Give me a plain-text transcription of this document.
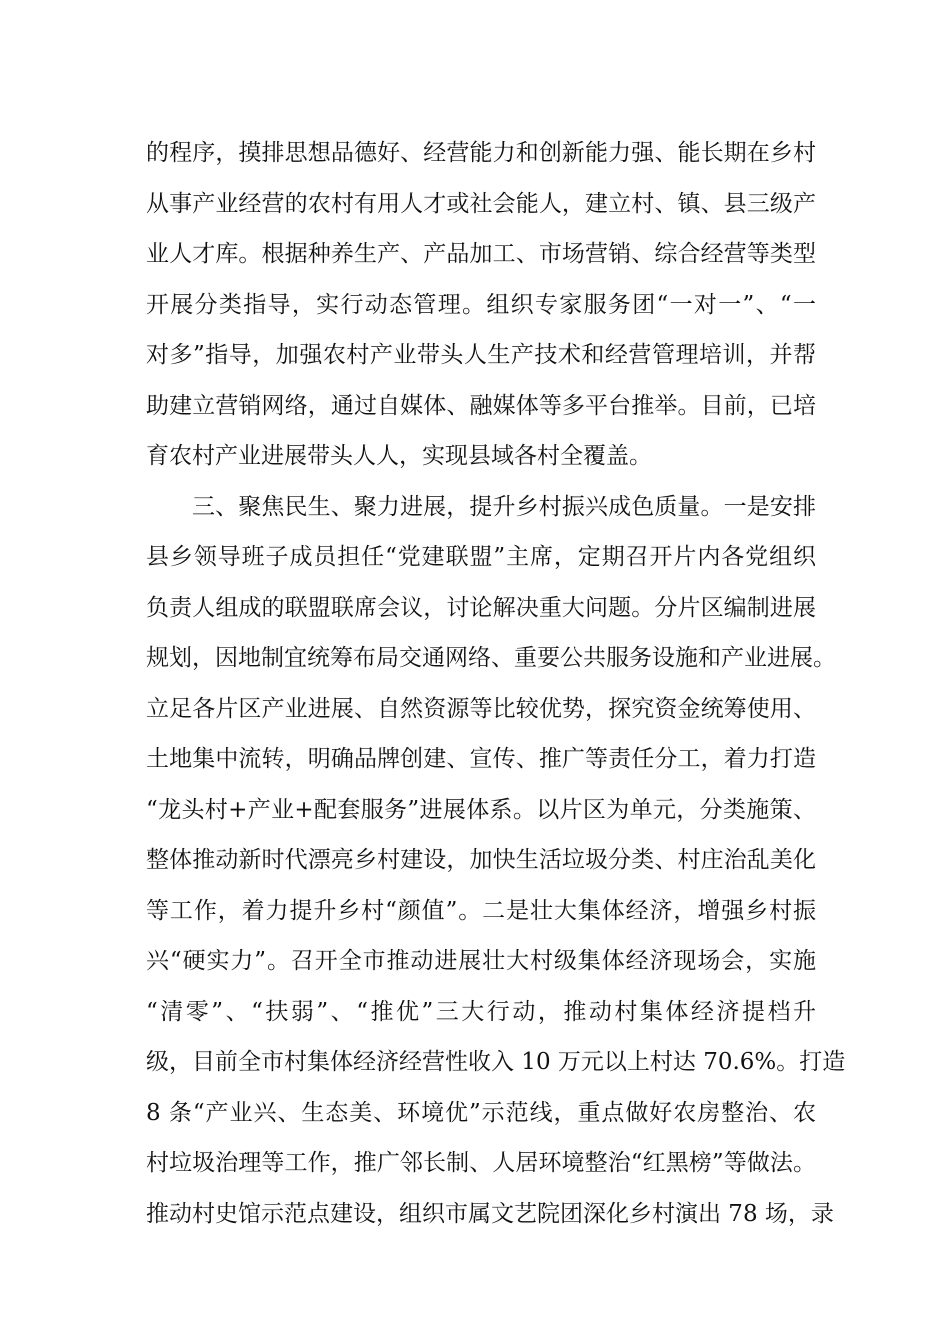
的程序，摸排思想品德好、经营能力和创新能力强、能长期在乡村
从事产业经营的农村有用人才或社会能人，建立村、镇、县三级产
业人才库。根据种养生产、产品加工、市场营销、综合经营等类型
开展分类指导，实行动态管理。组织专家服务团“一对一”、“一
对多”指导，加强农村产业带头人生产技术和经营管理培训，并帮
助建立营销网络，通过自媒体、融媒体等多平台推举。目前，已培
育农村产业进展带头人人，实现县域各村全覆盖。
三、聚焦民生、聚力进展，提升乡村振兴成色质量。一是安排
县乡领导班子成员担任“党建联盟”主席，定期召开片内各党组织
负责人组成的联盟联席会议，讨论解决重大问题。分片区编制进展
规划，因地制宜统筹布局交通网络、重要公共服务设施和产业进展。
立足各片区产业进展、自然资源等比较优势，探究资金统筹使用、
土地集中流转，明确品牌创建、宣传、推广等责任分工，着力打造
“龙头村+产业+配套服务”进展体系。以片区为单元，分类施策、
整体推动新时代漂亮乡村建设，加快生活垃圾分类、村庄治乱美化
等工作，着力提升乡村“颜值”。二是壮大集体经济，增强乡村振
兴“硬实力”。召开全市推动进展壮大村级集体经济现场会，实施
“清零”、“扶弱”、“推优”三大行动，推动村集体经济提档升
级，目前全市村集体经济经营性收入 10 万元以上村达 70.6%。打造
8 条“产业兴、生态美、环境优”示范线，重点做好农房整治、农
村垃圾治理等工作，推广邻长制、人居环境整治“红黑榜”等做法。
推动村史馆示范点建设，组织市属文艺院团深化乡村演出 78 场，录
